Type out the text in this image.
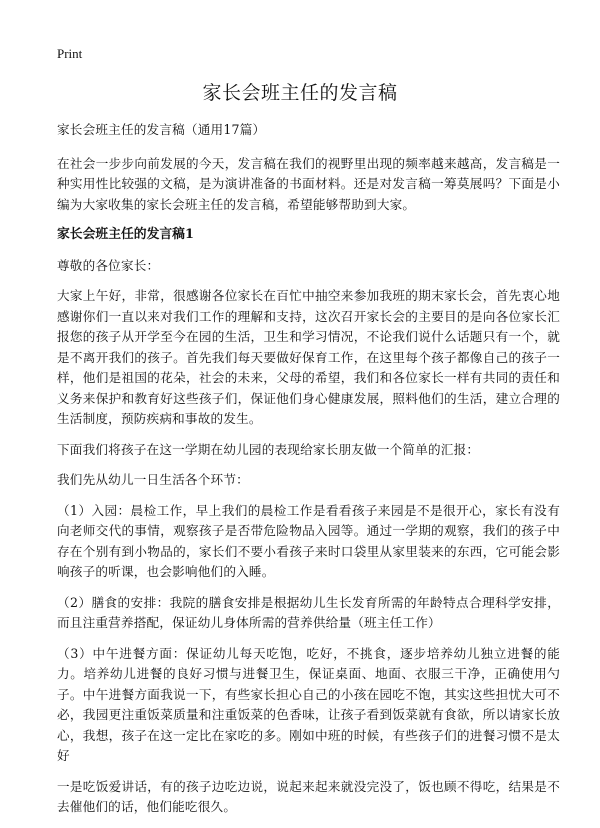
Print
家长会班主任的发言稿

家长会班主任的发言稿（通用17篇）

在社会一步步向前发展的今天，发言稿在我们的视野里出现的频率越来越高，发言稿是一种实用性比较强的文稿，是为演讲准备的书面材料。还是对发言稿一筹莫展吗？下面是小编为大家收集的家长会班主任的发言稿，希望能够帮助到大家。

家长会班主任的发言稿1

尊敬的各位家长：

大家上午好，非常，很感谢各位家长在百忙中抽空来参加我班的期末家长会，首先衷心地感谢你们一直以来对我们工作的理解和支持，这次召开家长会的主要目的是向各位家长汇报您的孩子从开学至今在园的生活，卫生和学习情况，不论我们说什么话题只有一个，就是不离开我们的孩子。首先我们每天要做好保育工作，在这里每个孩子都像自己的孩子一样，他们是祖国的花朵，社会的未来，父母的希望，我们和各位家长一样有共同的责任和义务来保护和教育好这些孩子们，保证他们身心健康发展，照料他们的生活，建立合理的生活制度，预防疾病和事故的发生。

下面我们将孩子在这一学期在幼儿园的表现给家长朋友做一个简单的汇报：

我们先从幼儿一日生活各个环节：

（1）入园：晨检工作，早上我们的晨检工作是看看孩子来园是不是很开心，家长有没有向老师交代的事情，观察孩子是否带危险物品入园等。通过一学期的观察，我们的孩子中存在个别有到小物品的，家长们不要小看孩子来时口袋里从家里装来的东西，它可能会影响孩子的听课，也会影响他们的入睡。

（2）膳食的安排：我院的膳食安排是根据幼儿生长发育所需的年龄特点合理科学安排，而且注重营养搭配，保证幼儿身体所需的营养供给量（班主任工作）

（3）中午进餐方面：保证幼儿每天吃饱，吃好，不挑食，逐步培养幼儿独立进餐的能力。培养幼儿进餐的良好习惯与进餐卫生，保证桌面、地面、衣服三干净，正确使用勺子。中午进餐方面我说一下，有些家长担心自己的小孩在园吃不饱，其实这些担忧大可不必，我园更注重饭菜质量和注重饭菜的色香味，让孩子看到饭菜就有食欲，所以请家长放心，我想，孩子在这一定比在家吃的多。刚如中班的时候，有些孩子们的进餐习惯不是太好

一是吃饭爱讲话，有的孩子边吃边说，说起来起来就没完没了，饭也顾不得吃，结果是不去催他们的话，他们能吃很久。
